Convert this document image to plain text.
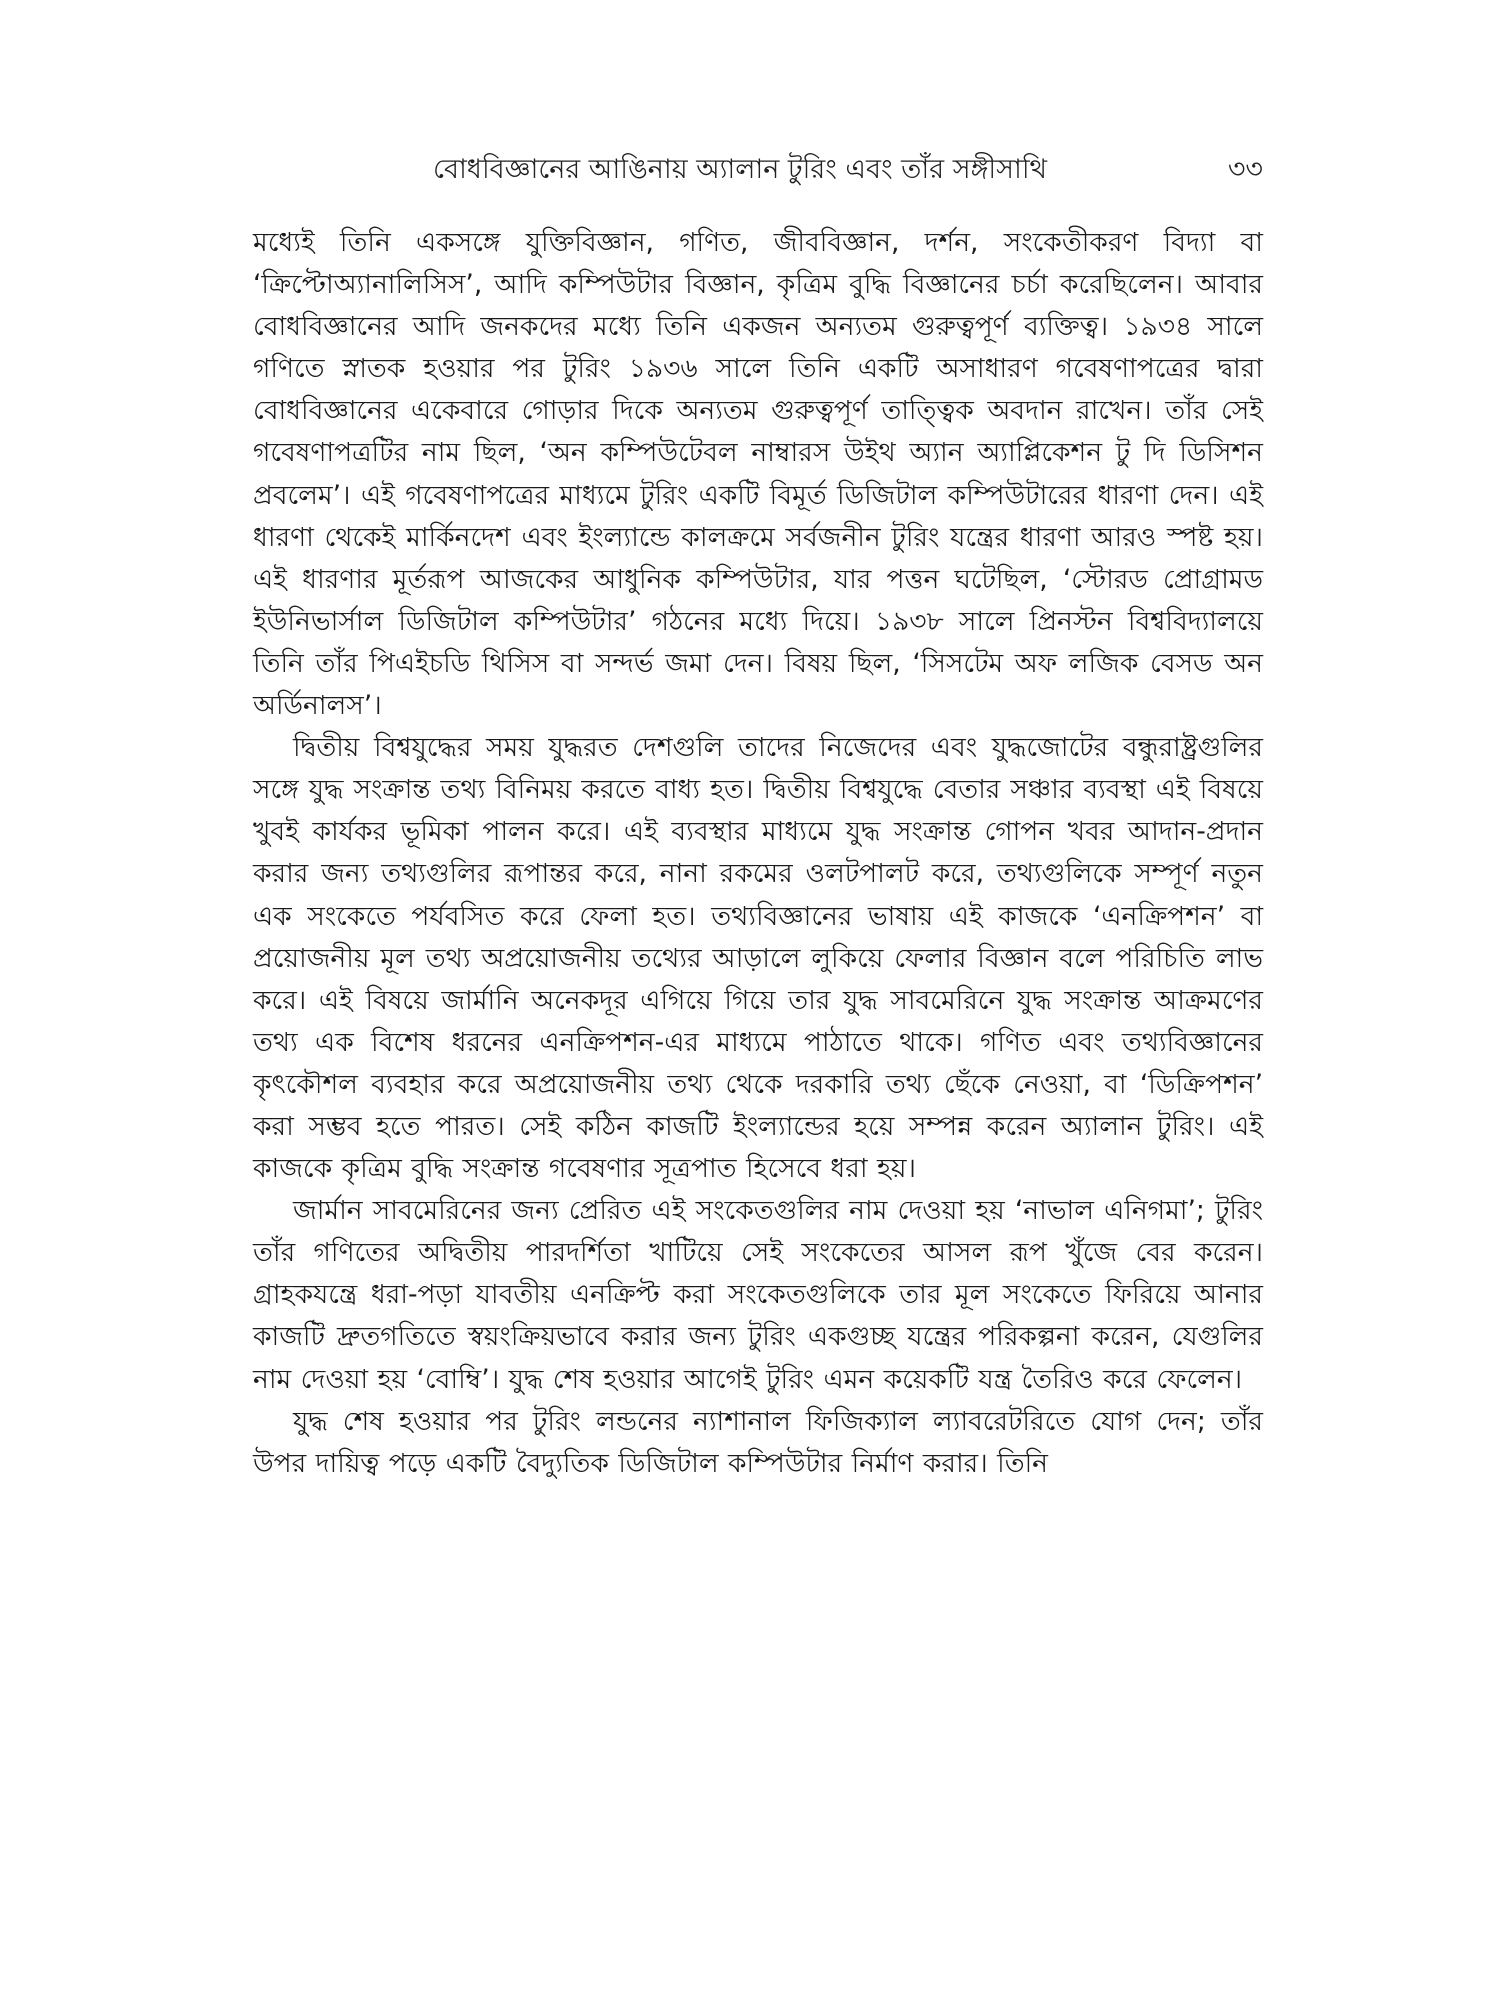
বোধবিজ্ঞানের আঙিনায় অ্যালান টুরিং এবং তাঁর সঙ্গীসাথি	৩৩

মধ্যেই তিনি একসঙ্গে যুক্তিবিজ্ঞান, গণিত, জীববিজ্ঞান, দর্শন, সংকেতীকরণ বিদ্যা বা ‘ক্রিপ্টোঅ্যানালিসিস’, আদি কম্পিউটার বিজ্ঞান, কৃত্রিম বুদ্ধি বিজ্ঞানের চর্চা করেছিলেন। আবার বোধবিজ্ঞানের আদি জনকদের মধ্যে তিনি একজন অন্যতম গুরুত্বপূর্ণ ব্যক্তিত্ব। ১৯৩৪ সালে গণিতে স্নাতক হওয়ার পর টুরিং ১৯৩৬ সালে তিনি একটি অসাধারণ গবেষণাপত্রের দ্বারা বোধবিজ্ঞানের একেবারে গোড়ার দিকে অন্যতম গুরুত্বপূর্ণ তাত্ত্বিক অবদান রাখেন। তাঁর সেই গবেষণাপত্রটির নাম ছিল, ‘অন কম্পিউটেবল নাম্বারস উইথ অ্যান অ্যাপ্লিকেশন টু দি ডিসিশন প্রবলেম’। এই গবেষণাপত্রের মাধ্যমে টুরিং একটি বিমূর্ত ডিজিটাল কম্পিউটারের ধারণা দেন। এই ধারণা থেকেই মার্কিনদেশ এবং ইংল্যান্ডে কালক্রমে সর্বজনীন টুরিং যন্ত্রের ধারণা আরও স্পষ্ট হয়। এই ধারণার মূর্তরূপ আজকের আধুনিক কম্পিউটার, যার পত্তন ঘটেছিল, ‘স্টোরড প্রোগ্রামড ইউনিভার্সাল ডিজিটাল কম্পিউটার’ গঠনের মধ্যে দিয়ে। ১৯৩৮ সালে প্রিনস্টন বিশ্ববিদ্যালয়ে তিনি তাঁর পিএইচডি থিসিস বা সন্দর্ভ জমা দেন। বিষয় ছিল, ‘সিসটেম অফ লজিক বেসড অন অর্ডিনালস’।

দ্বিতীয় বিশ্বযুদ্ধের সময় যুদ্ধরত দেশগুলি তাদের নিজেদের এবং যুদ্ধজোটের বন্ধুরাষ্ট্রগুলির সঙ্গে যুদ্ধ সংক্রান্ত তথ্য বিনিময় করতে বাধ্য হত। দ্বিতীয় বিশ্বযুদ্ধে বেতার সঞ্চার ব্যবস্থা এই বিষয়ে খুবই কার্যকর ভূমিকা পালন করে। এই ব্যবস্থার মাধ্যমে যুদ্ধ সংক্রান্ত গোপন খবর আদান-প্রদান করার জন্য তথ্যগুলির রূপান্তর করে, নানা রকমের ওলটপালট করে, তথ্যগুলিকে সম্পূর্ণ নতুন এক সংকেতে পর্যবসিত করে ফেলা হত। তথ্যবিজ্ঞানের ভাষায় এই কাজকে ‘এনক্রিপশন’ বা প্রয়োজনীয় মূল তথ্য অপ্রয়োজনীয় তথ্যের আড়ালে লুকিয়ে ফেলার বিজ্ঞান বলে পরিচিতি লাভ করে। এই বিষয়ে জার্মানি অনেকদূর এগিয়ে গিয়ে তার যুদ্ধ সাবমেরিনে যুদ্ধ সংক্রান্ত আক্রমণের তথ্য এক বিশেষ ধরনের এনক্রিপশন-এর মাধ্যমে পাঠাতে থাকে। গণিত এবং তথ্যবিজ্ঞানের কৃৎকৌশল ব্যবহার করে অপ্রয়োজনীয় তথ্য থেকে দরকারি তথ্য ছেঁকে নেওয়া, বা ‘ডিক্রিপশন’ করা সম্ভব হতে পারত। সেই কঠিন কাজটি ইংল্যান্ডের হয়ে সম্পন্ন করেন অ্যালান টুরিং। এই কাজকে কৃত্রিম বুদ্ধি সংক্রান্ত গবেষণার সূত্রপাত হিসেবে ধরা হয়।

জার্মান সাবমেরিনের জন্য প্রেরিত এই সংকেতগুলির নাম দেওয়া হয় ‘নাভাল এনিগমা’; টুরিং তাঁর গণিতের অদ্বিতীয় পারদর্শিতা খাটিয়ে সেই সংকেতের আসল রূপ খুঁজে বের করেন। গ্রাহকযন্ত্রে ধরা-পড়া যাবতীয় এনক্রিপ্ট করা সংকেতগুলিকে তার মূল সংকেতে ফিরিয়ে আনার কাজটি দ্রুতগতিতে স্বয়ংক্রিয়ভাবে করার জন্য টুরিং একগুচ্ছ যন্ত্রের পরিকল্পনা করেন, যেগুলির নাম দেওয়া হয় ‘বোম্বি’। যুদ্ধ শেষ হওয়ার আগেই টুরিং এমন কয়েকটি যন্ত্র তৈরিও করে ফেলেন।

যুদ্ধ শেষ হওয়ার পর টুরিং লন্ডনের ন্যাশানাল ফিজিক্যাল ল্যাবরেটরিতে যোগ দেন; তাঁর উপর দায়িত্ব পড়ে একটি বৈদ্যুতিক ডিজিটাল কম্পিউটার নির্মাণ করার। তিনি
